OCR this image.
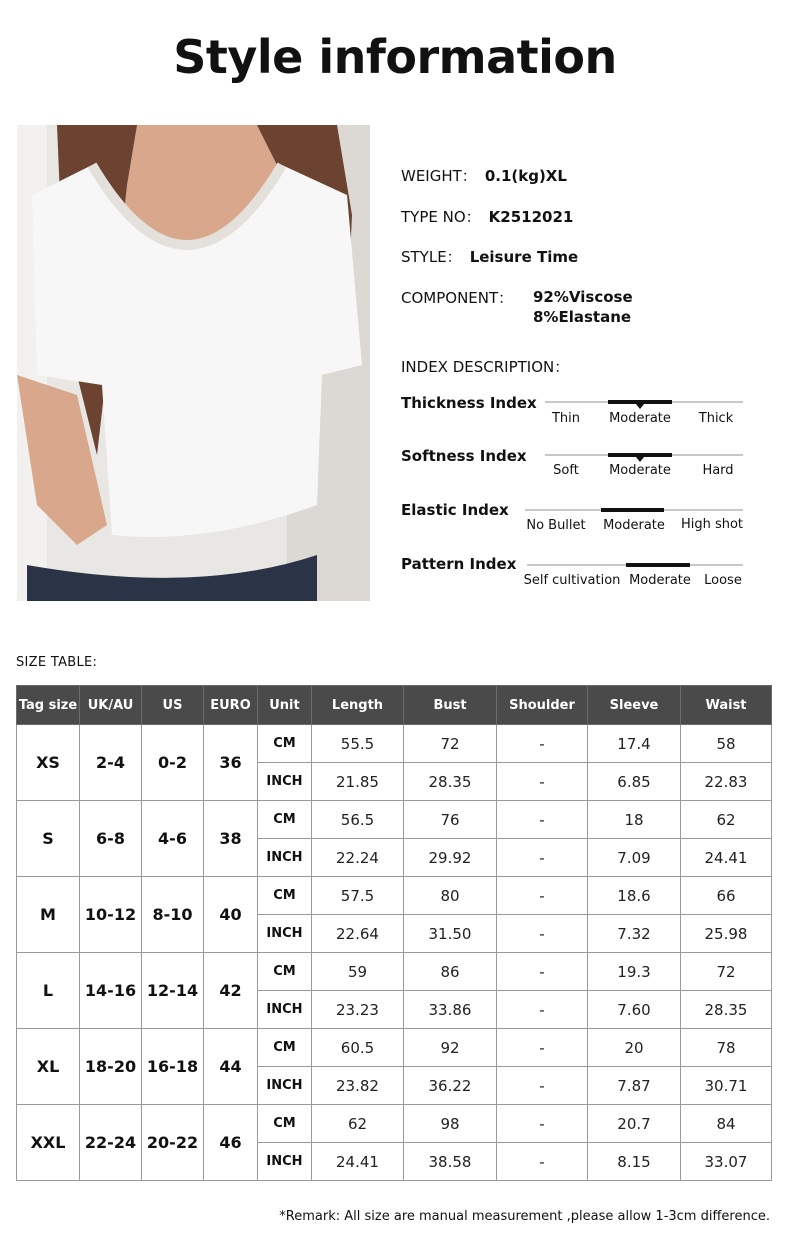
Style information
WEIGHT： 0.1(kg)XL
TYPE NO： K2512021
STYLE： Leisure Time
COMPONENT： 92%Viscose
8%Elastane
INDEX DESCRIPTION：
Thickness Index
Thin	Moderate	Thick
Softness Index
Soft	Moderate	Hard
Elastic Index
No Bullet	Moderate	High shot
Pattern Index
Self cultivation Moderate	Loose
SIZE TABLE:
Tag size	UK/AU	US	EURO	Unit	Length	Bust	Shoulder	Sleeve	Waist
XS	2-4	0-2	36	CM	55.5	72	-	17.4	58
				INCH	21.85	28.35	-	6.85	22.83
S	6-8	4-6	38	CM	56.5	76	-	18	62
				INCH	22.24	29.92	-	7.09	24.41
M	10-12	8-10	40	CM	57.5	80	-	18.6	66
				INCH	22.64	31.50	-	7.32	25.98
L	14-16	12-14	42	CM	59	86	-	19.3	72
				INCH	23.23	33.86	-	7.60	28.35
XL	18-20	16-18	44	CM	60.5	92	-	20	78
				INCH	23.82	36.22	-	7.87	30.71
XXL	22-24	20-22	46	CM	62	98	-	20.7	84
				INCH	24.41	38.58	-	8.15	33.07
*Remark: All size are manual measurement ,please allow 1-3cm difference.
